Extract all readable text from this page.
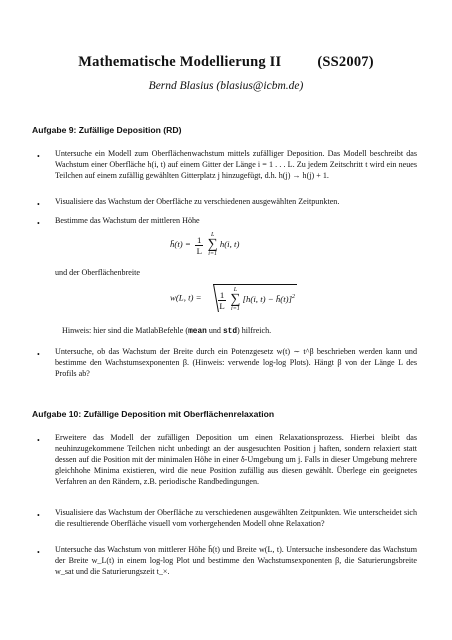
Mathematische Modellierung II (SS2007)
Bernd Blasius (blasius@icbm.de)
Aufgabe 9: Zufällige Deposition (RD)
• Untersuche ein Modell zum Oberflächenwachstum mittels zufälliger Deposition. Das Modell beschreibt das Wachstum einer Oberfläche h(i, t) auf einem Gitter der Länge i = 1 . . . L. Zu jedem Zeitschritt t wird ein neues Teilchen auf einem zufällig gewählten Gitterplatz j hinzugefügt, d.h. h(j) → h(j) + 1.
• Visualisiere das Wachstum der Oberfläche zu verschiedenen ausgewählten Zeitpunkten.
• Bestimme das Wachstum der mittleren Höhe
h̄(t) = $\frac{1}{L}$
	L
∑
i=1
h(i, t)
und der Oberflächenbreite
w(L, $t) = \frac{1}{L}$
	L
∑
i=1
[h(i, t) − h̄(t)]$^2$
Hinweis: hier sind die MatlabBefehle (mean und std) hilfreich.
• Untersuche, ob das Wachstum der Breite durch ein Potenzgesetz w(t) ∼ t^β beschrieben werden kann und bestimme den Wachstumsexponenten β. (Hinweis: verwende log-log Plots). Hängt β von der Länge L des Profils ab?
Aufgabe 10: Zufällige Deposition mit Oberflächenrelaxation
• Erweitere das Modell der zufälligen Deposition um einen Relaxationsprozess. Hierbei bleibt das neuhinzugekommene Teilchen nicht unbedingt an der ausgesuchten Position j haften, sondern relaxiert statt dessen auf die Position mit der minimalen Höhe in einer δ-Umgebung um j. Falls in dieser Umgebung mehrere gleichhohe Minima existieren, wird die neue Position zufällig aus diesen gewählt. Überlege ein geeignetes Verfahren an den Rändern, z.B. periodische Randbedingungen.
• Visualisiere das Wachstum der Oberfläche zu verschiedenen ausgewählten Zeitpunkten. Wie unterscheidet sich die resultierende Oberfläche visuell vom vorhergehenden Modell ohne Relaxation?
• Untersuche das Wachstum von mittlerer Höhe h̄(t) und Breite w(L, t). Untersuche insbesondere das Wachstum der Breite w_L(t) in einem log-log Plot und bestimme den Wachstumsexponenten β, die Saturierungsbreite w_sat und die Saturierungszeit t_×.
